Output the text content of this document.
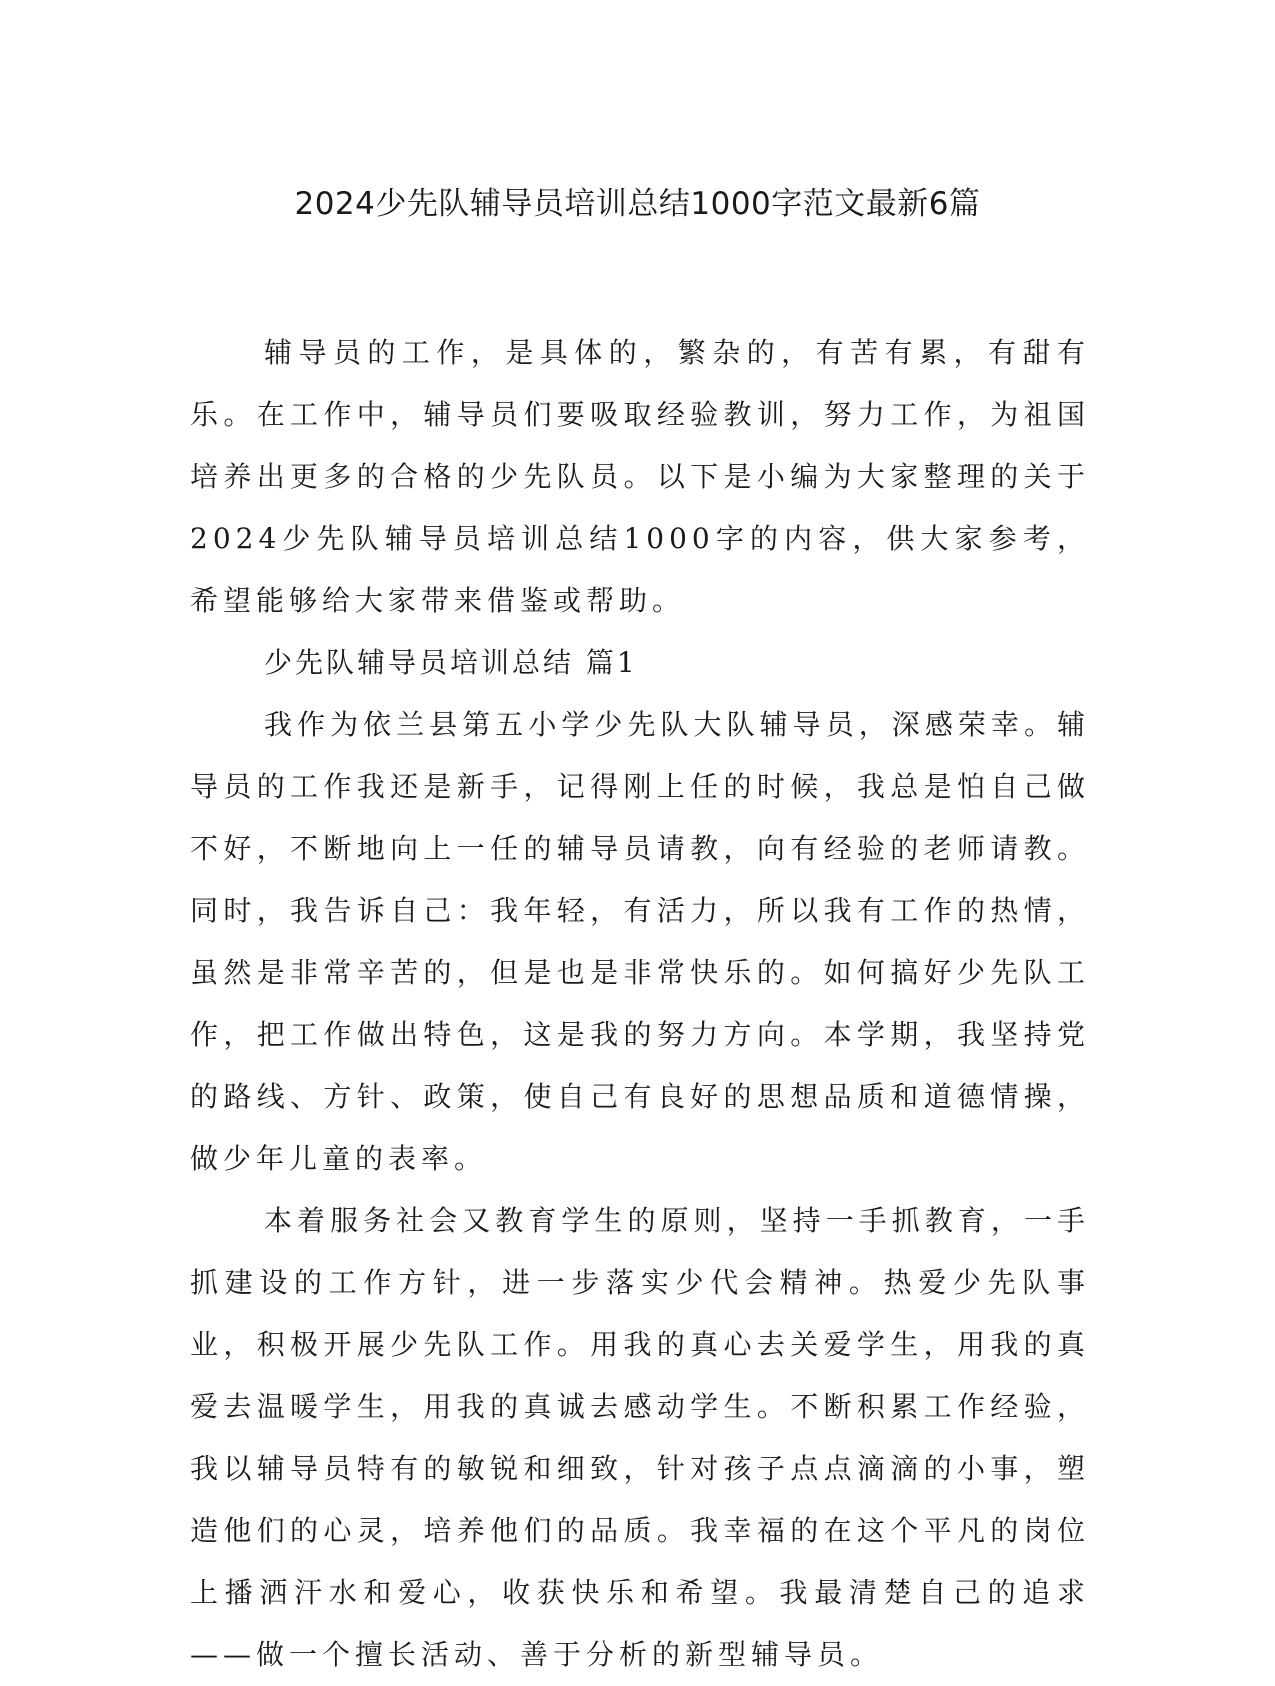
2024少先队辅导员培训总结1000字范文最新6篇

辅导员的工作，是具体的，繁杂的，有苦有累，有甜有乐。在工作中，辅导员们要吸取经验教训，努力工作，为祖国培养出更多的合格的少先队员。以下是小编为大家整理的关于2024少先队辅导员培训总结1000字的内容，供大家参考，希望能够给大家带来借鉴或帮助。

少先队辅导员培训总结 篇1

我作为依兰县第五小学少先队大队辅导员，深感荣幸。辅导员的工作我还是新手，记得刚上任的时候，我总是怕自己做不好，不断地向上一任的辅导员请教，向有经验的老师请教。同时，我告诉自己：我年轻，有活力，所以我有工作的热情，虽然是非常辛苦的，但是也是非常快乐的。如何搞好少先队工作，把工作做出特色，这是我的努力方向。本学期，我坚持党的路线、方针、政策，使自己有良好的思想品质和道德情操，做少年儿童的表率。

本着服务社会又教育学生的原则，坚持一手抓教育，一手抓建设的工作方针，进一步落实少代会精神。热爱少先队事业，积极开展少先队工作。用我的真心去关爱学生，用我的真爱去温暖学生，用我的真诚去感动学生。不断积累工作经验，我以辅导员特有的敏锐和细致，针对孩子点点滴滴的小事，塑造他们的心灵，培养他们的品质。我幸福的在这个平凡的岗位上播洒汗水和爱心，收获快乐和希望。我最清楚自己的追求——做一个擅长活动、善于分析的新型辅导员。
